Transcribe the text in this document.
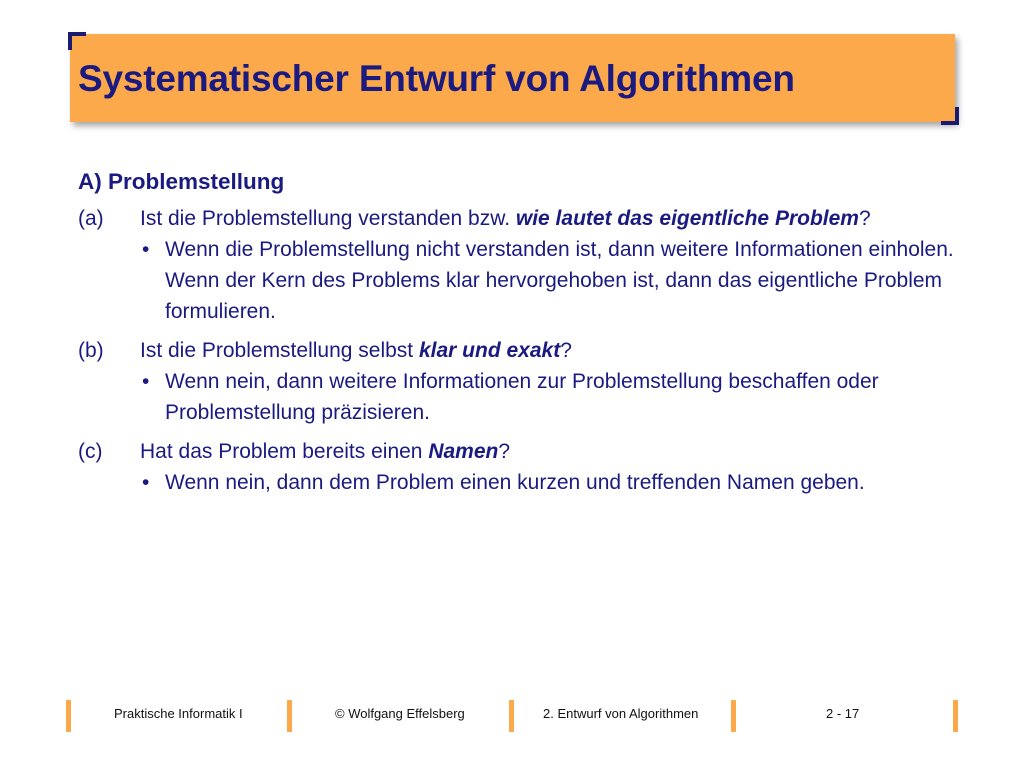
Systematischer Entwurf von Algorithmen
A) Problemstellung
(a) Ist die Problemstellung verstanden bzw. wie lautet das eigentliche Problem?
• Wenn die Problemstellung nicht verstanden ist, dann weitere Informationen einholen. Wenn der Kern des Problems klar hervorgehoben ist, dann das eigentliche Problem formulieren.
(b) Ist die Problemstellung selbst klar und exakt?
• Wenn nein, dann weitere Informationen zur Problemstellung beschaffen oder Problemstellung präzisieren.
(c) Hat das Problem bereits einen Namen?
• Wenn nein, dann dem Problem einen kurzen und treffenden Namen geben.
Praktische Informatik I	© Wolfgang Effelsberg	2. Entwurf von Algorithmen	2 - 17
